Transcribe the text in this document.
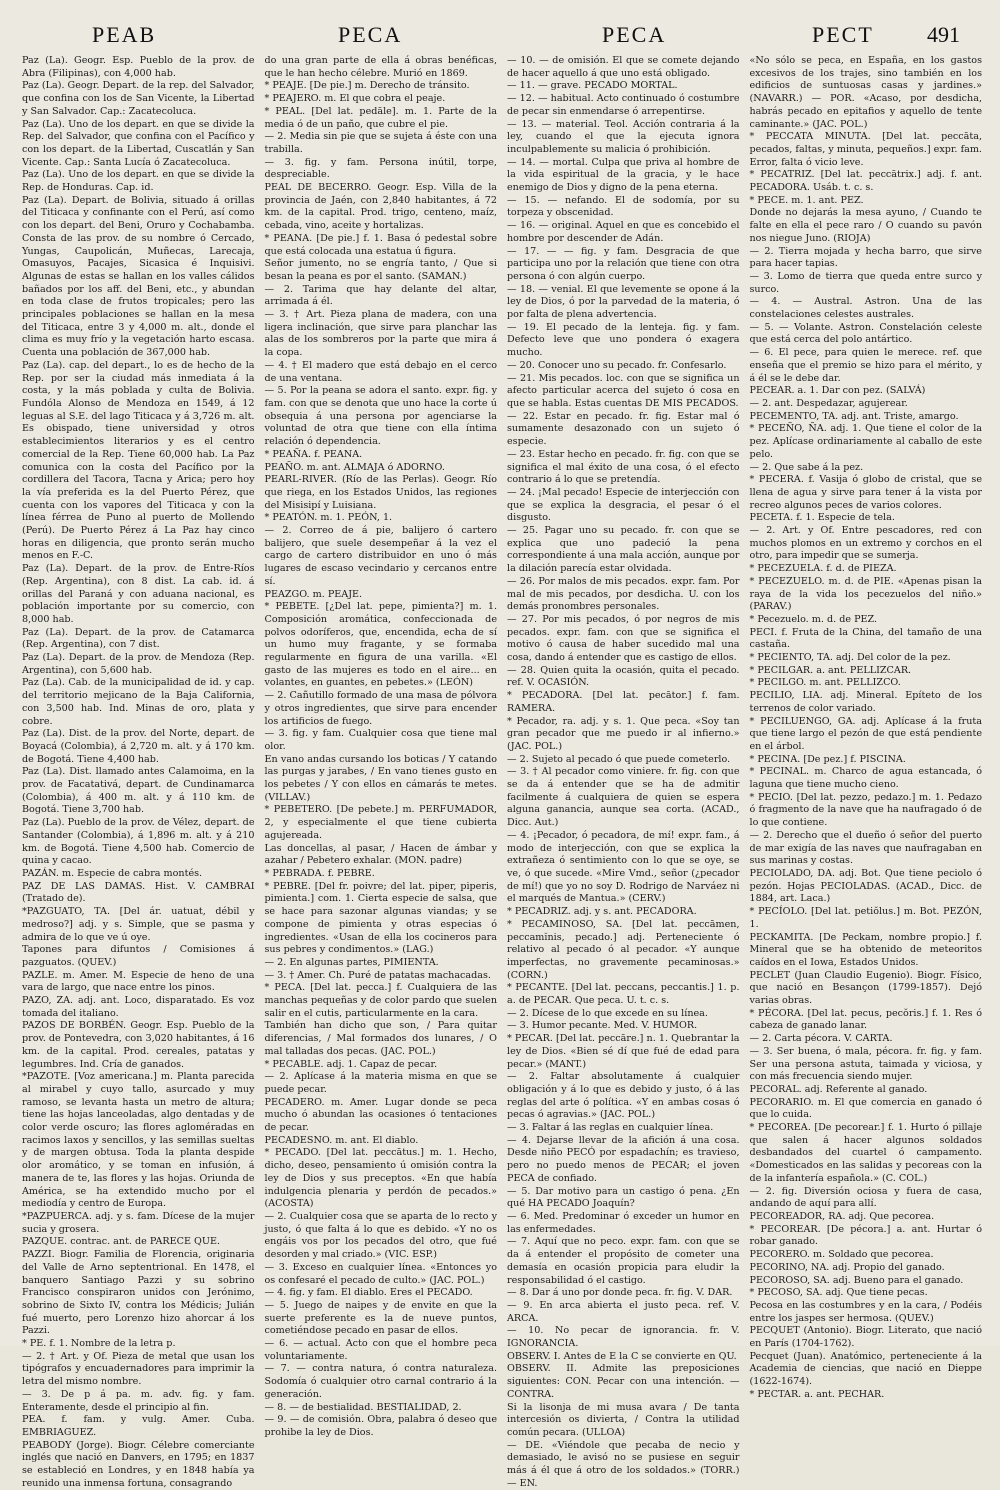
PEAB	PECA	PECA	PECT 491

Paz (La). Geogr. Esp. Pueblo de la prov. de Abra (Filipinas), con 4,000 hab.

Paz (La). Geogr. Depart. de la rep. del Salvador, que confina con los de San Vicente, la Libertad y San Salvador. Cap.: Zacatecoluca.

Paz (La). Uno de los depart. en que se divide la Rep. del Salvador, que confina con el Pacífico y con los depart. de la Libertad, Cuscatlán y San Vicente. Cap.: Santa Lucía ó Zacatecoluca.

Paz (La). Uno de los depart. en que se divide la Rep. de Honduras. Cap. id.

Paz (La). Depart. de Bolivia, situado á orillas del Titicaca y confinante con el Perú, así como con los depart. del Beni, Oruro y Cochabamba. Consta de las prov. de su nombre ó Cercado, Yungas, Caupolicán, Muñecas, Larecaja, Omasuyos, Pacajes, Sicasica é Inquisivi. Algunas de estas se hallan en los valles cálidos bañados por los aff. del Beni, etc., y abundan en toda clase de frutos tropicales; pero las principales poblaciones se hallan en la mesa del Titicaca, entre 3 y 4,000 m. alt., donde el clima es muy frío y la vegetación harto escasa. Cuenta una población de 367,000 hab.

Paz (La). cap. del depart., lo es de hecho de la Rep. por ser la ciudad más inmediata á la costa, y la más poblada y culta de Bolivia. Fundóla Alonso de Mendoza en 1549, á 12 leguas al S.E. del lago Titicaca y á 3,726 m. alt. Es obispado, tiene universidad y otros establecimientos literarios y es el centro comercial de la Rep. Tiene 60,000 hab. La Paz comunica con la costa del Pacífico por la cordillera del Tacora, Tacna y Arica; pero hoy la vía preferida es la del Puerto Pérez, que cuenta con los vapores del Titicaca y con la línea férrea de Puno al puerto de Mollendo (Perú). De Puerto Pérez á La Paz hay cinco horas en diligencia, que pronto serán mucho menos en F.-C.

Paz (La). Depart. de la prov. de Entre-Ríos (Rep. Argentina), con 8 dist. La cab. id. á orillas del Paraná y con aduana nacional, es población importante por su comercio, con 8,000 hab.

Paz (La). Depart. de la prov. de Catamarca (Rep. Argentina), con 7 dist.

Paz (La). Depart. de la prov. de Mendoza (Rep. Argentina), con 5,600 hab.

Paz (La). Cab. de la municipalidad de id. y cap. del territorio mejicano de la Baja California, con 3,500 hab. Ind. Minas de oro, plata y cobre.

Paz (La). Dist. de la prov. del Norte, depart. de Boyacá (Colombia), á 2,720 m. alt. y á 170 km. de Bogotá. Tiene 4,400 hab.

Paz (La). Dist. llamado antes Calamoima, en la prov. de Facatativá, depart. de Cundinamarca (Colombia), á 400 m. alt. y á 110 km. de Bogotá. Tiene 3,700 hab.

Paz (La). Pueblo de la prov. de Vélez, depart. de Santander (Colombia), á 1,896 m. alt. y á 210 km. de Bogotá. Tiene 4,500 hab. Comercio de quina y cacao.

PAZÁN. m. Especie de cabra montés.

PAZ DE LAS DAMAS. Hist. V. CAMBRAI (Tratado de).

*PAZGUATO, TA. [Del ár. uatuat, débil y medroso?] adj. y s. Simple, que se pasma y admira de lo que ve ú oye.

Tapones para difuntos / Comisiones á pazguatos. (QUEV.)

PAZLE. m. Amer. M. Especie de heno de una vara de largo, que nace entre los pinos.

PAZO, ZA. adj. ant. Loco, disparatado. Es voz tomada del italiano.

PAZOS DE BORBÉN. Geogr. Esp. Pueblo de la prov. de Pontevedra, con 3,020 habitantes, á 16 km. de la capital. Prod. cereales, patatas y legumbres. Ind. Cría de ganados.

*PAZOTE. [Voz americana.] m. Planta parecida al mirabel y cuyo tallo, asurcado y muy ramoso, se levanta hasta un metro de altura; tiene las hojas lanceoladas, algo dentadas y de color verde oscuro; las flores agloméradas en racimos laxos y sencillos, y las semillas sueltas y de margen obtusa. Toda la planta despide olor aromático, y se toman en infusión, á manera de te, las flores y las hojas. Oriunda de América, se ha extendido mucho por el mediodía y centro de Europa.

*PAZPUERCA. adj. y s. fam. Dícese de la mujer sucia y grosera.

PAZQUE. contrac. ant. de PARECE QUE.

PAZZI. Biogr. Familia de Florencia, originaria del Valle de Arno septentrional. En 1478, el banquero Santiago Pazzi y su sobrino Francisco conspiraron unidos con Jerónimo, sobrino de Sixto IV, contra los Médicis; Julián fué muerto, pero Lorenzo hizo ahorcar á los Pazzi.

* PE. f. 1. Nombre de la letra p.

— 2. † Art. y Of. Pieza de metal que usan los tipógrafos y encuadernadores para imprimir la letra del mismo nombre.

— 3. De p á pa. m. adv. fig. y fam. Enteramente, desde el principio al fin.

PEA. f. fam. y vulg. Amer. Cuba. EMBRIAGUEZ.

PEABODY (Jorge). Biogr. Célebre comerciante inglés que nació en Danvers, en 1795; en 1837 se estableció en Londres, y en 1848 había ya reunido una inmensa fortuna, consagrando

do una gran parte de ella á obras benéficas, que le han hecho célebre. Murió en 1869.

* PEAJE. [De pie.] m. Derecho de tránsito.

* PEAJERO. m. El que cobra el peaje.

* PEAL. [Del lat. pedāle]. m. 1. Parte de la media ó de un paño, que cubre el pie.

— 2. Media sin pie que se sujeta á éste con una trabilla.

— 3. fig. y fam. Persona inútil, torpe, despreciable.

PEAL DE BECERRO. Geogr. Esp. Villa de la provincia de Jaén, con 2,840 habitantes, á 72 km. de la capital. Prod. trigo, centeno, maíz, cebada, vino, aceite y hortalizas.

* PEANA. [De pie.] f. 1. Basa ó pedestal sobre que está colocada una estatua ú figura.

Señor jumento, no se engría tanto, / Que si besan la peana es por el santo. (SAMAN.)

— 2. Tarima que hay delante del altar, arrimada á él.

— 3. † Art. Pieza plana de madera, con una ligera inclinación, que sirve para planchar las alas de los sombreros por la parte que mira á la copa.

— 4. † El madero que está debajo en el cerco de una ventana.

— 5. Por la peana se adora el santo. expr. fig. y fam. con que se denota que uno hace la corte ú obsequia á una persona por agenciarse la voluntad de otra que tiene con ella íntima relación ó dependencia.

* PEAÑA. f. PEANA.

PEAÑO. m. ant. ALMAJA ó ADORNO.

PEARL-RIVER. (Río de las Perlas). Geogr. Río que riega, en los Estados Unidos, las regiones del Misisipí y Luisiana.

* PEATÓN. m. 1. PEÓN, 1.

— 2. Correo de á pie, balijero ó cartero balijero, que suele desempeñar á la vez el cargo de cartero distribuidor en uno ó más lugares de escaso vecindario y cercanos entre sí.

PEAZGO. m. PEAJE.

* PEBETE. [¿Del lat. pepe, pimienta?] m. 1. Composición aromática, confeccionada de polvos odoríferos, que, encendida, echa de sí un humo muy fragante, y se formaba regularmente en figura de una varilla. «El gasto de las mujeres es todo en el aire... en volantes, en guantes, en pebetes.» (LEÓN)

— 2. Cañutillo formado de una masa de pólvora y otros ingredientes, que sirve para encender los artificios de fuego.

— 3. fig. y fam. Cualquier cosa que tiene mal olor.

En vano andas cursando los boticas / Y catando las purgas y jarabes, / En vano tienes gusto en los pebetes / Y con ellos en cámarás te metes. (VILLAV.)

* PEBETERO. [De pebete.] m. PERFUMADOR, 2, y especialmente el que tiene cubierta agujereada.

Las doncellas, al pasar, / Hacen de ámbar y azahar / Pebetero exhalar. (MON. padre)

* PEBRADA. f. PEBRE.

* PEBRE. [Del fr. poivre; del lat. piper, piperis, pimienta.] com. 1. Cierta especie de salsa, que se hace para sazonar algunas viandas; y se compone de pimienta y otras especias ó ingredientes. «Usan de ella los cocineros para sus pebres y condimentos.» (LAG.)

— 2. En algunas partes, PIMIENTA.

— 3. † Amer. Ch. Puré de patatas machacadas.

* PECA. [Del lat. pecca.] f. Cualquiera de las manchas pequeñas y de color pardo que suelen salir en el cutis, particularmente en la cara.

También han dicho que son, / Para quitar diferencias, / Mal formados dos lunares, / O mal talladas dos pecas. (JAC. POL.)

* PECABLE. adj. 1. Capaz de pecar.

— 2. Aplícase á la materia misma en que se puede pecar.

PECADERO. m. Amer. Lugar donde se peca mucho ó abundan las ocasiones ó tentaciones de pecar.

PECADESNO. m. ant. El diablo.

* PECADO. [Del lat. peccātus.] m. 1. Hecho, dicho, deseo, pensamiento ú omisión contra la ley de Dios y sus preceptos. «En que había indulgencia plenaria y perdón de pecados.» (ACOSTA)

— 2. Cualquier cosa que se aparta de lo recto y justo, ó que falta á lo que es debido. «Y no os engáis vos por los pecados del otro, que fué desorden y mal criado.» (VIC. ESP.)

— 3. Exceso en cualquier línea. «Entonces yo os confesaré el pecado de culto.» (JAC. POL.)

— 4. fig. y fam. El diablo. Eres el PECADO.

— 5. Juego de naipes y de envite en que la suerte preferente es la de nueve puntos, cometiéndose pecado en pasar de ellos.

— 6. — actual. Acto con que el hombre peca voluntariamente.

— 7. — contra natura, ó contra naturaleza. Sodomía ó cualquier otro carnal contrario á la generación.

— 8. — de bestialidad. BESTIALIDAD, 2.

— 9. — de comisión. Obra, palabra ó deseo que prohibe la ley de Dios.

— 10. — de omisión. El que se comete dejando de hacer aquello á que uno está obligado.

— 11. — grave. PECADO MORTAL.

— 12. — habitual. Acto continuado ó costumbre de pecar sin enmendarse ó arrepentirse.

— 13. — material. Teol. Acción contraria á la ley, cuando el que la ejecuta ignora inculpablemente su malicia ó prohibición.

— 14. — mortal. Culpa que priva al hombre de la vida espiritual de la gracia, y le hace enemigo de Dios y digno de la pena eterna.

— 15. — nefando. El de sodomía, por su torpeza y obscenidad.

— 16. — original. Aquel en que es concebido el hombre por descender de Adán.

— 17. — — fig. y fam. Desgracia de que participa uno por la relación que tiene con otra persona ó con algún cuerpo.

— 18. — venial. El que levemente se opone á la ley de Dios, ó por la parvedad de la materia, ó por falta de plena advertencia.

— 19. El pecado de la lenteja. fig. y fam. Defecto leve que uno pondera ó exagera mucho.

— 20. Conocer uno su pecado. fr. Confesarlo.

— 21. Mis pecados. loc. con que se significa un afecto particular acerca del sujeto ó cosa en que se habla. Estas cuentas DE MIS PECADOS.

— 22. Estar en pecado. fr. fig. Estar mal ó sumamente desazonado con un sujeto ó especie.

— 23. Estar hecho en pecado. fr. fig. con que se significa el mal éxito de una cosa, ó el efecto contrario á lo que se pretendía.

— 24. ¡Mal pecado! Especie de interjección con que se explica la desgracia, el pesar ó el disgusto.

— 25. Pagar uno su pecado. fr. con que se explica que uno padeció la pena correspondiente á una mala acción, aunque por la dilación parecía estar olvidada.

— 26. Por malos de mis pecados. expr. fam. Por mal de mis pecados, por desdicha. U. con los demás pronombres personales.

— 27. Por mis pecados, ó por negros de mis pecados. expr. fam. con que se significa el motivo ó causa de haber sucedido mal una cosa, dando á entender que es castigo de ellos.

— 28. Quien quita la ocasión, quita el pecado. ref. V. OCASIÓN.

* PECADORA. [Del lat. pecātor.] f. fam. RAMERA.

* Pecador, ra. adj. y s. 1. Que peca. «Soy tan gran pecador que me puedo ir al infierno.» (JAC. POL.)

— 2. Sujeto al pecado ó que puede cometerlo.

— 3. † Al pecador como viniere. fr. fig. con que se da á entender que se ha de admitir facilmente á cualquiera de quien se espera alguna ganancia, aunque sea corta. (ACAD., Dicc. Aut.)

— 4. ¡Pecador, ó pecadora, de mí! expr. fam., á modo de interjección, con que se explica la extrañeza ó sentimiento con lo que se oye, se ve, ó que sucede. «Mire Vmd., señor (¿pecador de mí!) que yo no soy D. Rodrigo de Narváez ni el marqués de Mantua.» (CERV.)

* PECADRIZ. adj. y s. ant. PECADORA.

* PECAMINOSO, SA. [Del lat. peccāmen, peccamĭnis, pecado.] adj. Perteneciente ó relativo al pecado ó al pecador. «Y aunque imperfectas, no gravemente pecaminosas.» (CORN.)

* PECANTE. [Del lat. peccans, peccantis.] 1. p. a. de PECAR. Que peca. U. t. c. s.

— 2. Dícese de lo que excede en su línea.

— 3. Humor pecante. Med. V. HUMOR.

* PECAR. [Del lat. peccāre.] n. 1. Quebrantar la ley de Dios. «Bien sé dí que fué de edad para pecar.» (MANT.)

— 2. Faltar absolutamente á cualquier obligación y á lo que es debido y justo, ó á las reglas del arte ó política. «Y en ambas cosas ó pecas ó agravias.» (JAC. POL.)

— 3. Faltar á las reglas en cualquier línea.

— 4. Dejarse llevar de la afición á una cosa. Desde niño PECÓ por espadachín; es travieso, pero no puedo menos de PECAR; el joven PECA de confiado.

— 5. Dar motivo para un castigo ó pena. ¿En qué HA PECADO Joaquín?

— 6. Med. Predominar ó exceder un humor en las enfermedades.

— 7. Aquí que no peco. expr. fam. con que se da á entender el propósito de cometer una demasía en ocasión propicia para eludir la responsabilidad ó el castigo.

— 8. Dar á uno por donde peca. fr. fig. V. DAR.

— 9. En arca abierta el justo peca. ref. V. ARCA.

— 10. No pecar de ignorancia. fr. V. IGNORANCIA.

OBSERV. I. Antes de E la C se convierte en QU.

OBSERV. II. Admite las preposiciones siguientes: CON. Pecar con una intención. — CONTRA.

Si la lisonja de mi musa avara / De tanta intercesión os divierta, / Contra la utilidad común pecara. (ULLOA)

— DE. «Viéndole que pecaba de necio y demasiado, le avisó no se pusiese en seguir más á él que á otro de los soldados.» (TORR.) — EN.

«No sólo se peca, en España, en los gastos excesivos de los trajes, sino también en los edificios de suntuosas casas y jardines.» (NAVARR.) — POR. «Acaso, por desdicha, habrás pecado en epitafios y aquello de tente caminante.» (JAC. POL.)

* PECCATA MINUTA. [Del lat. peccāta, pecados, faltas, y minuta, pequeños.] expr. fam. Error, falta ó vicio leve.

* PECATRIZ. [Del lat. peccātrix.] adj. f. ant. PECADORA. Usáb. t. c. s.

* PECE. m. 1. ant. PEZ.

Donde no dejarás la mesa ayuno, / Cuando te falte en ella el pece raro / O cuando su pavón nos niegue Juno. (RIOJA)

— 2. Tierra mojada y hecha barro, que sirve para hacer tapias.

— 3. Lomo de tierra que queda entre surco y surco.

— 4. — Austral. Astron. Una de las constelaciones celestes australes.

— 5. — Volante. Astron. Constelación celeste que está cerca del polo antártico.

— 6. El pece, para quien le merece. ref. que enseña que el premio se hizo para el mérito, y á él se le debe dar.

PECEAR. a. 1. Dar con pez. (SALVÁ)

— 2. ant. Despedazar, agujerear.

PECEMENTO, TA. adj. ant. Triste, amargo.

* PECEÑO, ÑA. adj. 1. Que tiene el color de la pez. Aplícase ordinariamente al caballo de este pelo.

— 2. Que sabe á la pez.

* PECERA. f. Vasija ó globo de cristal, que se llena de agua y sirve para tener á la vista por recreo algunos peces de varios colores.

PECETA. f. 1. Especie de tela.

— 2. Art. y Of. Entre pescadores, red con muchos plomos en un extremo y corchos en el otro, para impedir que se sumerja.

* PECEZUELA. f. d. de PIEZA.

* PECEZUELO. m. d. de PIE. «Apenas pisan la raya de la vida los pecezuelos del niño.» (PARAV.)

* Pecezuelo. m. d. de PEZ.

PECI. f. Fruta de la China, del tamaño de una castaña.

* PECIENTO, TA. adj. Del color de la pez.

* PECILGAR. a. ant. PELLIZCAR.

* PECILGO. m. ant. PELLIZCO.

PECILIO, LIA. adj. Mineral. Epíteto de los terrenos de color variado.

* PECILUENGO, GA. adj. Aplícase á la fruta que tiene largo el pezón de que está pendiente en el árbol.

* PECINA. [De pez.] f. PISCINA.

* PECINAL. m. Charco de agua estancada, ó laguna que tiene mucho cieno.

* PECIO. [Del lat. pezzo, pedazo.] m. 1. Pedazo ó fragmento de la nave que ha naufragado ó de lo que contiene.

— 2. Derecho que el dueño ó señor del puerto de mar exigía de las naves que naufragaban en sus marinas y costas.

PECIOLADO, DA. adj. Bot. Que tiene peciolo ó pezón. Hojas PECIOLADAS. (ACAD., Dicc. de 1884, art. Laca.)

* PECÍOLO. [Del lat. petiŏlus.] m. Bot. PEZÓN, 1.

PECKAMITA. [De Peckam, nombre propio.] f. Mineral que se ha obtenido de meteoritos caídos en el Iowa, Estados Unidos.

PECLET (Juan Claudio Eugenio). Biogr. Físico, que nació en Besançon (1799-1857). Dejó varias obras.

* PÉCORA. [Del lat. pecus, pecŏris.] f. 1. Res ó cabeza de ganado lanar.

— 2. Carta pécora. V. CARTA.

— 3. Ser buena, ó mala, pécora. fr. fig. y fam. Ser una persona astuta, taimada y viciosa, y con más frecuencia siendo mujer.

PECORAL. adj. Referente al ganado.

PECORARIO. m. El que comercia en ganado ó que lo cuida.

* PECOREA. [De pecorear.] f. 1. Hurto ó pillaje que salen á hacer algunos soldados desbandados del cuartel ó campamento. «Domesticados en las salidas y pecoreas con la de la infantería española.» (C. COL.)

— 2. fig. Diversión ociosa y fuera de casa, andando de aquí para allí.

PECOREADOR, RA. adj. Que pecorea.

* PECOREAR. [De pécora.] a. ant. Hurtar ó robar ganado.

PECORERO. m. Soldado que pecorea.

PECORINO, NA. adj. Propio del ganado.

PECOROSO, SA. adj. Bueno para el ganado.

* PECOSO, SA. adj. Que tiene pecas.

Pecosa en las costumbres y en la cara, / Podéis entre los jaspes ser hermosa. (QUEV.)

PECQUET (Antonio). Biogr. Literato, que nació en París (1704-1762).

Pecquet (Juan). Anatómico, perteneciente á la Academia de ciencias, que nació en Dieppe (1622-1674).

* PECTAR. a. ant. PECHAR.
